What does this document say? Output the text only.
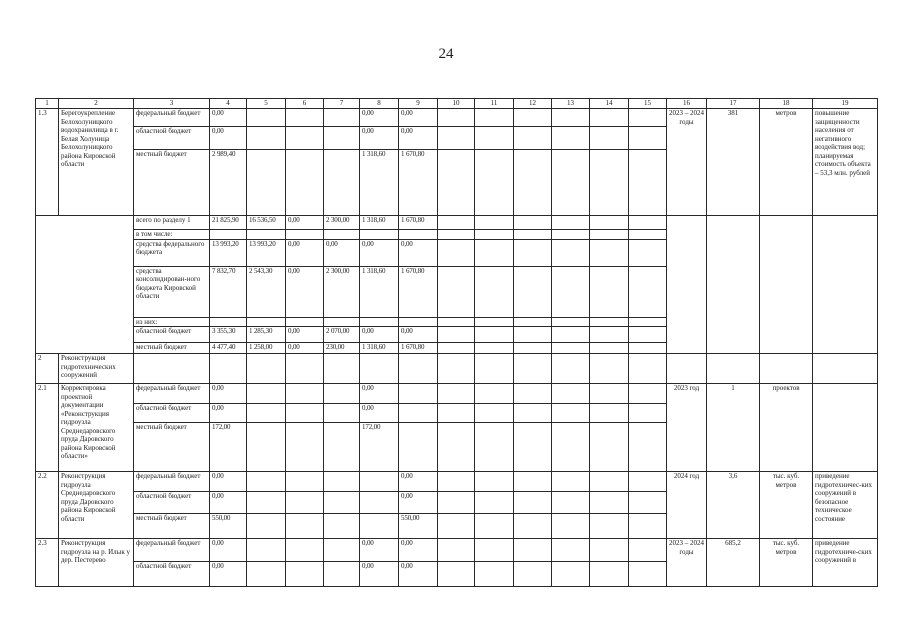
24
1	2	3	4	5	6	7	8	9	10	11	12	13	14	15	16	17	18	19
1.3	Берегоукрепление Белохолуницкого водохранилища в г. Белая Холуница Белохолуницкого района Кировской области	федеральный бюджет	0,00				0,00	0,00							2023 – 2024 годы	381	метров	повышение защищенности населения от негативного воздействия вод; планируемая стоимость объекта – 53,3 млн. рублей
		областной бюджет	0,00				0,00	0,00										
		местный бюджет	2 989,40				1 318,60	1 670,80										
		всего по разделу 1	21 825,90	16 536,50	0,00	2 300,00	1 318,60	1 670,80										
		в том числе:																
		средства федерального бюджета	13 993,20	13 993,20	0,00	0,00	0,00	0,00										
		средства консолидирован-ного бюджета Кировской области	7 832,70	2 543,30	0,00	2 300,00	1 318,60	1 670,80										
		из них:																
		областной бюджет	3 355,30	1 285,30	0,00	2 070,00	0,00	0,00										
		местный бюджет	4 477,40	1 258,00	0,00	230,00	1 318,60	1 670,80										
2	Реконструкция гидротехнических сооружений																	
2.1	Корректировка проектной документации «Реконструкция гидроузла Среднедаровского пруда Даровского района Кировской области»	федеральный бюджет	0,00				0,00								2023 год	1	проектов	
		областной бюджет	0,00				0,00											
		местный бюджет	172,00				172,00											
2.2	Реконструкция гидроузла Среднедаровского пруда Даровского района Кировской области	федеральный бюджет	0,00					0,00							2024 год	3,6	тыс. куб. метров	приведение гидротехничес-ких сооружений в безопасное техническое состояние
		областной бюджет	0,00					0,00										
		местный бюджет	550,00					550,00										
2.3	Реконструкция гидроузла на р. Илык у дер. Пестерево	федеральный бюджет	0,00				0,00	0,00							2023 – 2024 годы	685,2	тыс. куб. метров	приведение гидротехниче-ских сооружений в
		областной бюджет	0,00				0,00	0,00										
